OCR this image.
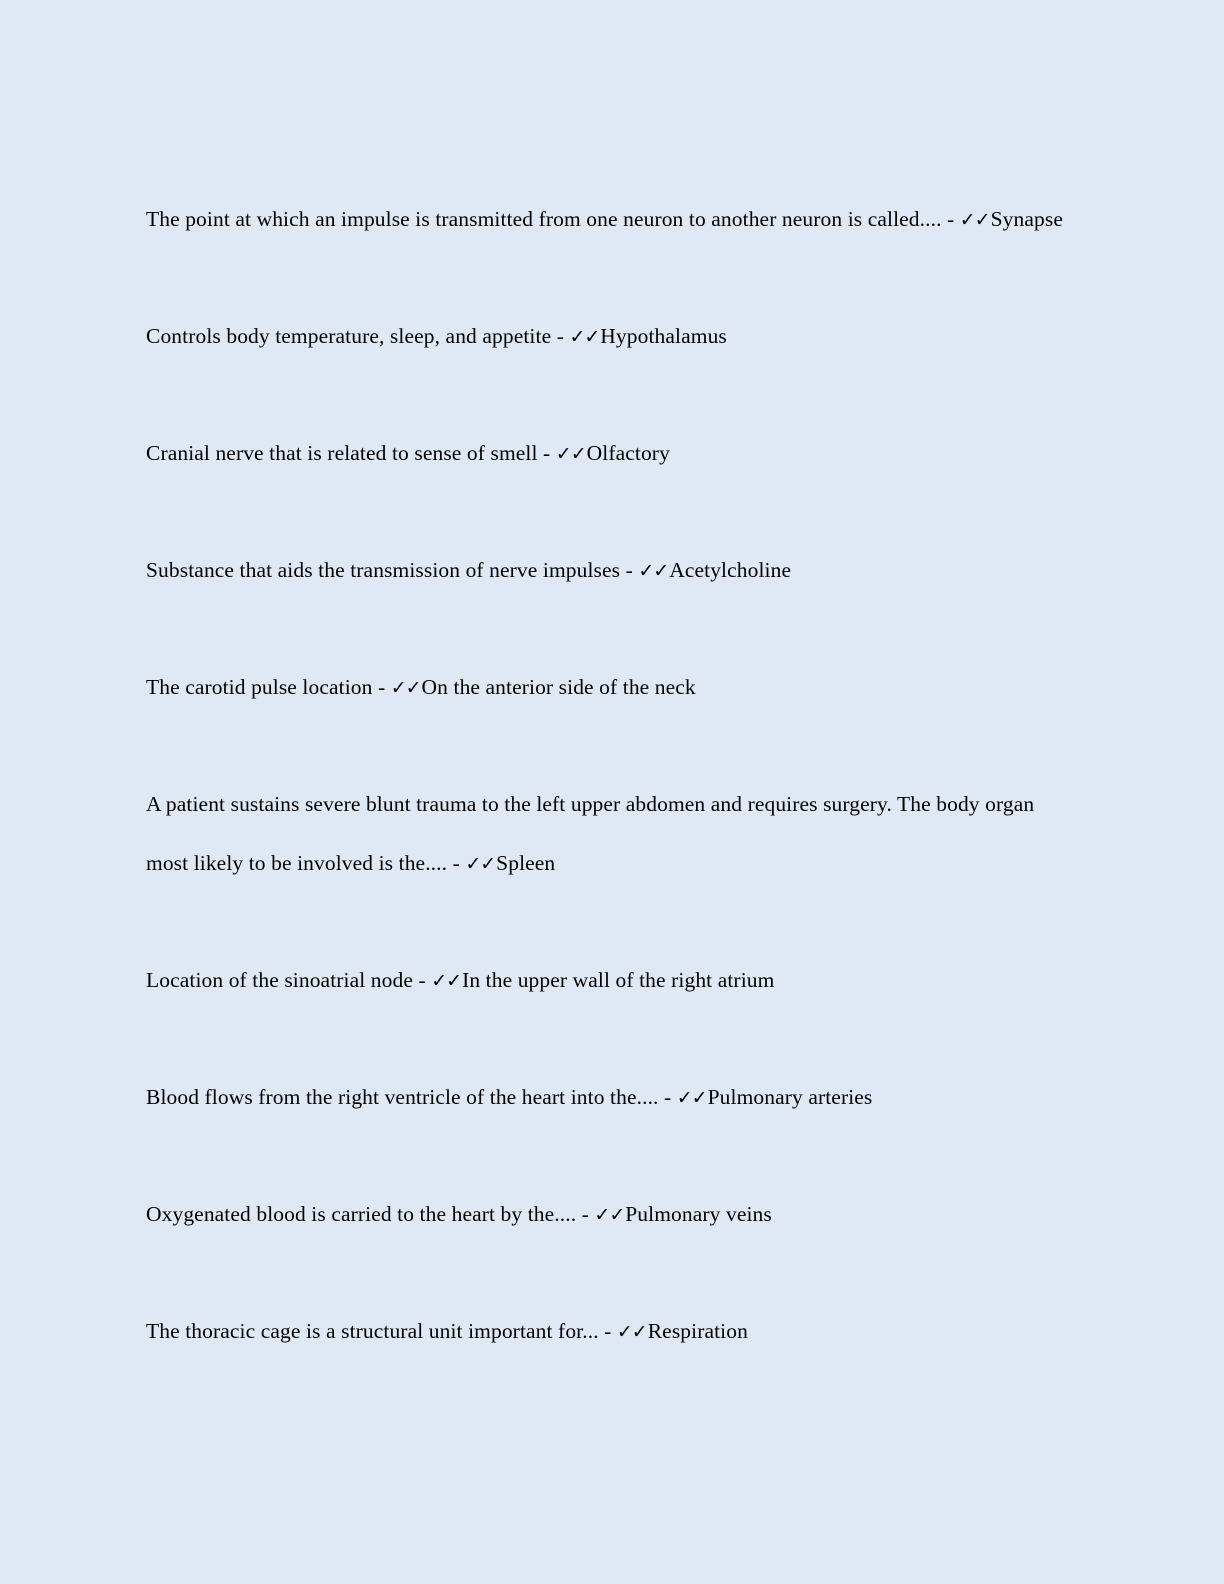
The point at which an impulse is transmitted from one neuron to another neuron is called.... - ✓✓Synapse

Controls body temperature, sleep, and appetite - ✓✓Hypothalamus

Cranial nerve that is related to sense of smell - ✓✓Olfactory

Substance that aids the transmission of nerve impulses - ✓✓Acetylcholine

The carotid pulse location - ✓✓On the anterior side of the neck

A patient sustains severe blunt trauma to the left upper abdomen and requires surgery. The body organ most likely to be involved is the.... - ✓✓Spleen

Location of the sinoatrial node - ✓✓In the upper wall of the right atrium

Blood flows from the right ventricle of the heart into the.... - ✓✓Pulmonary arteries

Oxygenated blood is carried to the heart by the.... - ✓✓Pulmonary veins

The thoracic cage is a structural unit important for... - ✓✓Respiration
